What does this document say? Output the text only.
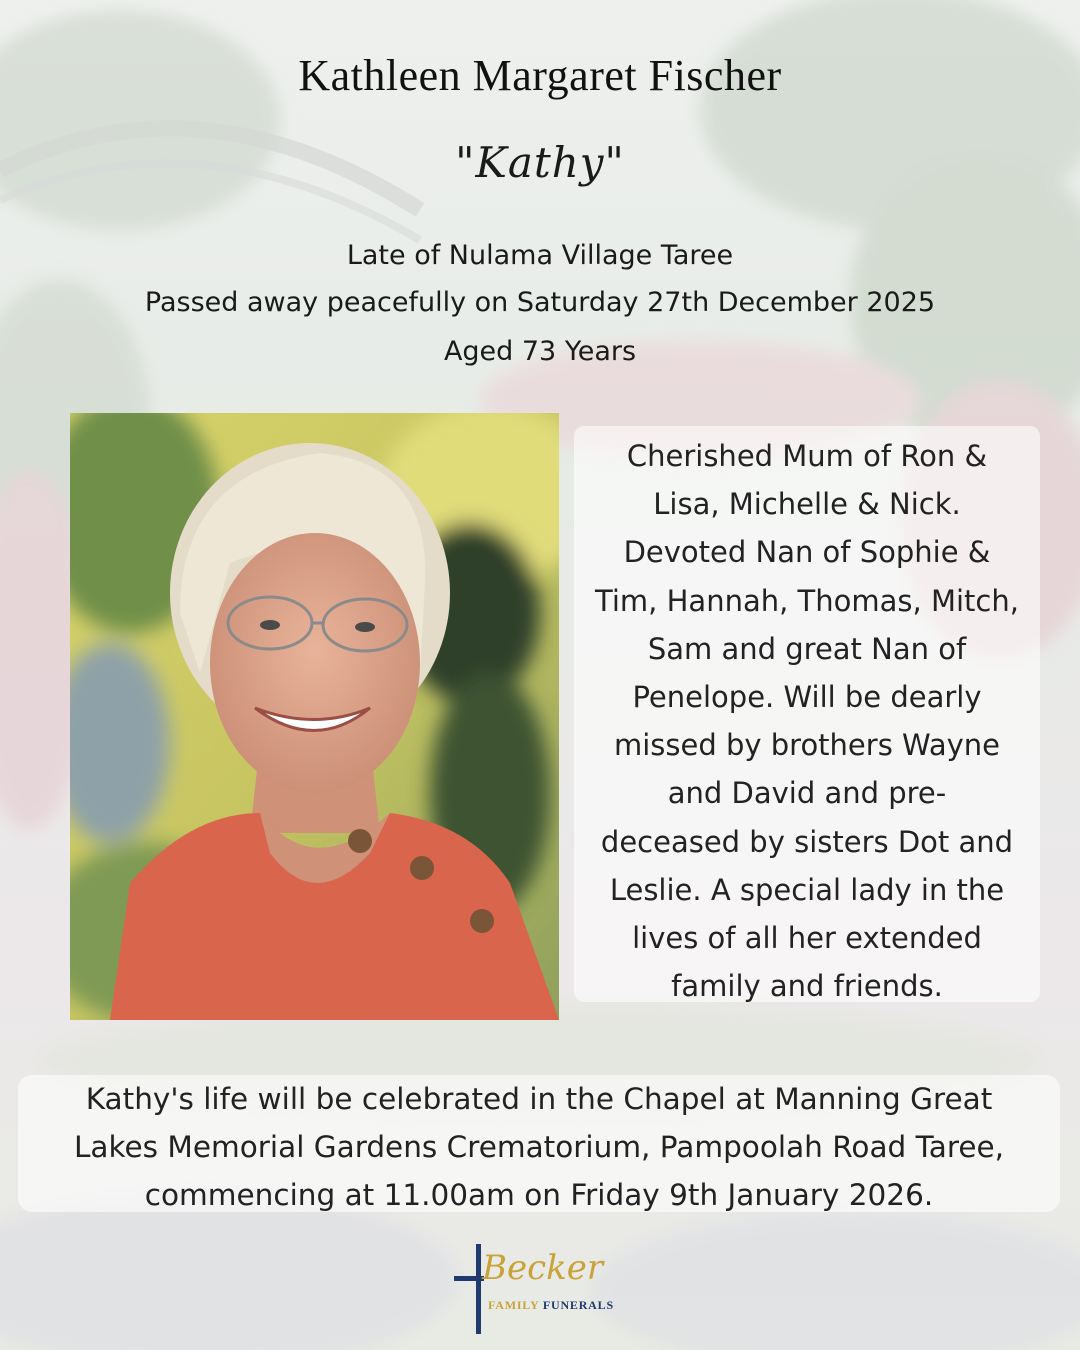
Kathleen Margaret Fischer
"Kathy"
Late of Nulama Village Taree
Passed away peacefully on Saturday 27th December 2025
Aged 73 Years
Cherished Mum of Ron &
Lisa, Michelle & Nick.
Devoted Nan of Sophie &
Tim, Hannah, Thomas, Mitch,
Sam and great Nan of
Penelope. Will be dearly
missed by brothers Wayne
and David and pre-
deceased by sisters Dot and
Leslie. A special lady in the
lives of all her extended
family and friends.
Kathy's life will be celebrated in the Chapel at Manning Great
Lakes Memorial Gardens Crematorium, Pampoolah Road Taree,
commencing at 11.00am on Friday 9th January 2026.
Becker
FAMILY FUNERALS
